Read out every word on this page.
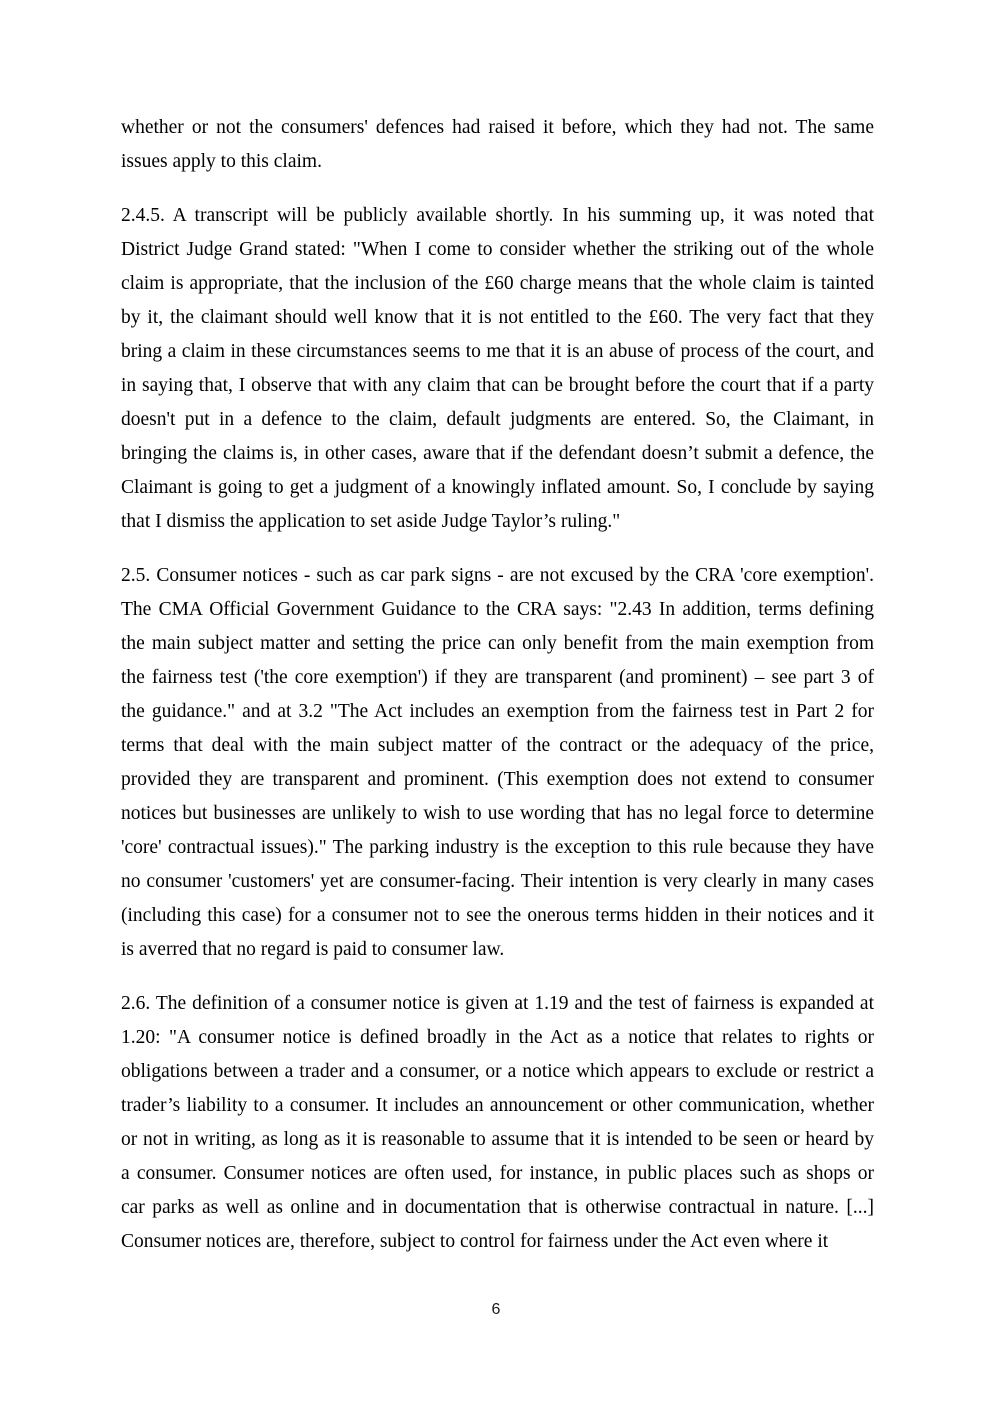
whether or not the consumers' defences had raised it before, which they had not. The same
issues apply to this claim.

2.4.5. A transcript will be publicly available shortly. In his summing up, it was noted that
District Judge Grand stated: "When I come to consider whether the striking out of the whole
claim is appropriate, that the inclusion of the £60 charge means that the whole claim is tainted
by it, the claimant should well know that it is not entitled to the £60. The very fact that they
bring a claim in these circumstances seems to me that it is an abuse of process of the court, and
in saying that, I observe that with any claim that can be brought before the court that if a party
doesn't put in a defence to the claim, default judgments are entered. So, the Claimant, in
bringing the claims is, in other cases, aware that if the defendant doesn’t submit a defence, the
Claimant is going to get a judgment of a knowingly inflated amount. So, I conclude by saying
that I dismiss the application to set aside Judge Taylor’s ruling."

2.5. Consumer notices - such as car park signs - are not excused by the CRA 'core exemption'.
The CMA Official Government Guidance to the CRA says: "2.43 In addition, terms defining
the main subject matter and setting the price can only benefit from the main exemption from
the fairness test ('the core exemption') if they are transparent (and prominent) – see part 3 of
the guidance." and at 3.2 "The Act includes an exemption from the fairness test in Part 2 for
terms that deal with the main subject matter of the contract or the adequacy of the price,
provided they are transparent and prominent. (This exemption does not extend to consumer
notices but businesses are unlikely to wish to use wording that has no legal force to determine
'core' contractual issues)." The parking industry is the exception to this rule because they have
no consumer 'customers' yet are consumer-facing. Their intention is very clearly in many cases
(including this case) for a consumer not to see the onerous terms hidden in their notices and it
is averred that no regard is paid to consumer law.

2.6. The definition of a consumer notice is given at 1.19 and the test of fairness is expanded at
1.20: "A consumer notice is defined broadly in the Act as a notice that relates to rights or
obligations between a trader and a consumer, or a notice which appears to exclude or restrict a
trader’s liability to a consumer. It includes an announcement or other communication, whether
or not in writing, as long as it is reasonable to assume that it is intended to be seen or heard by
a consumer. Consumer notices are often used, for instance, in public places such as shops or
car parks as well as online and in documentation that is otherwise contractual in nature. [...]
Consumer notices are, therefore, subject to control for fairness under the Act even where it

6
